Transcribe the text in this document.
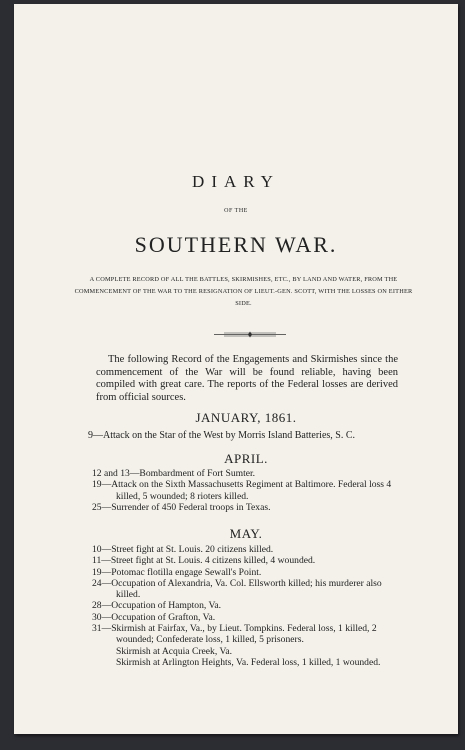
DIARY
OF THE
SOUTHERN WAR.
A COMPLETE RECORD OF ALL THE BATTLES, SKIRMISHES, ETC., BY LAND AND WATER, FROM THE COMMENCEMENT OF THE WAR TO THE RESIGNATION OF LIEUT.-GEN. SCOTT, WITH THE LOSSES ON EITHER SIDE.
The following Record of the Engagements and Skirmishes since the commencement of the War will be found reliable, having been compiled with great care. The reports of the Federal losses are derived from official sources.
JANUARY, 1861.
9—Attack on the Star of the West by Morris Island Batteries, S. C.
APRIL.
12 and 13—Bombardment of Fort Sumter.
19—Attack on the Sixth Massachusetts Regiment at Baltimore. Federal loss 4 killed, 5 wounded; 8 rioters killed.
25—Surrender of 450 Federal troops in Texas.
MAY.
10—Street fight at St. Louis. 20 citizens killed.
11—Street fight at St. Louis. 4 citizens killed, 4 wounded.
19—Potomac flotilla engage Sewall's Point.
24—Occupation of Alexandria, Va. Col. Ellsworth killed; his murderer also killed.
28—Occupation of Hampton, Va.
30—Occupation of Grafton, Va.
31—Skirmish at Fairfax, Va., by Lieut. Tompkins. Federal loss, 1 killed, 2 wounded; Confederate loss, 1 killed, 5 prisoners.
Skirmish at Acquia Creek, Va.
Skirmish at Arlington Heights, Va. Federal loss, 1 killed, 1 wounded.
